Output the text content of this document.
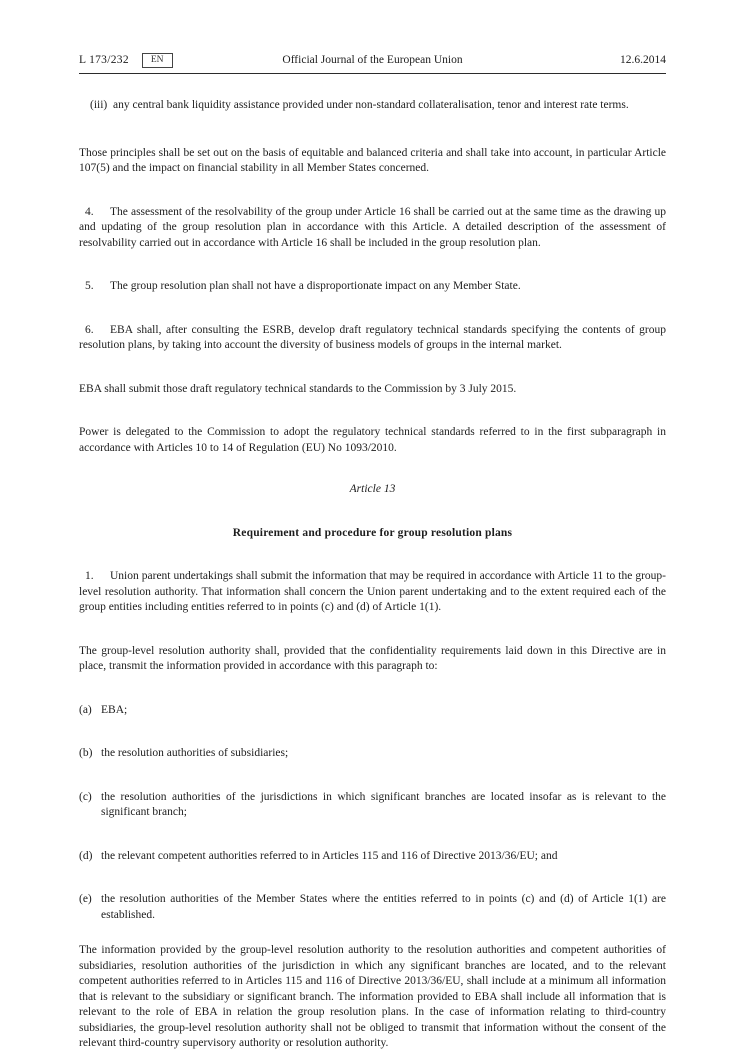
L 173/232	EN	Official Journal of the European Union	12.6.2014
(iii) any central bank liquidity assistance provided under non-standard collateralisation, tenor and interest rate terms.

Those principles shall be set out on the basis of equitable and balanced criteria and shall take into account, in particular Article 107(5) and the impact on financial stability in all Member States concerned.

4. The assessment of the resolvability of the group under Article 16 shall be carried out at the same time as the drawing up and updating of the group resolution plan in accordance with this Article. A detailed description of the assessment of resolvability carried out in accordance with Article 16 shall be included in the group resolution plan.

5. The group resolution plan shall not have a disproportionate impact on any Member State.

6. EBA shall, after consulting the ESRB, develop draft regulatory technical standards specifying the contents of group resolution plans, by taking into account the diversity of business models of groups in the internal market.

EBA shall submit those draft regulatory technical standards to the Commission by 3 July 2015.

Power is delegated to the Commission to adopt the regulatory technical standards referred to in the first subparagraph in accordance with Articles 10 to 14 of Regulation (EU) No 1093/2010.

Article 13

Requirement and procedure for group resolution plans

1. Union parent undertakings shall submit the information that may be required in accordance with Article 11 to the group-level resolution authority. That information shall concern the Union parent undertaking and to the extent required each of the group entities including entities referred to in points (c) and (d) of Article 1(1).

The group-level resolution authority shall, provided that the confidentiality requirements laid down in this Directive are in place, transmit the information provided in accordance with this paragraph to:

(a) EBA;
(b) the resolution authorities of subsidiaries;
(c) the resolution authorities of the jurisdictions in which significant branches are located insofar as is relevant to the significant branch;
(d) the relevant competent authorities referred to in Articles 115 and 116 of Directive 2013/36/EU; and
(e) the resolution authorities of the Member States where the entities referred to in points (c) and (d) of Article 1(1) are established.

The information provided by the group-level resolution authority to the resolution authorities and competent authorities of subsidiaries, resolution authorities of the jurisdiction in which any significant branches are located, and to the relevant competent authorities referred to in Articles 115 and 116 of Directive 2013/36/EU, shall include at a minimum all information that is relevant to the subsidiary or significant branch. The information provided to EBA shall include all information that is relevant to the role of EBA in relation the group resolution plans. In the case of information relating to third-country subsidiaries, the group-level resolution authority shall not be obliged to transmit that information without the consent of the relevant third-country supervisory authority or resolution authority.
